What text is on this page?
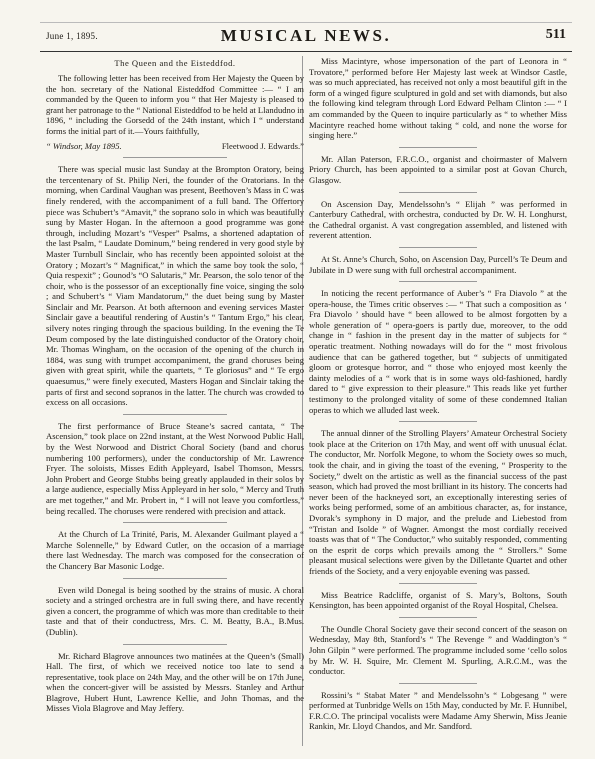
June 1, 1895.	MUSICAL NEWS.	511
The Queen and the Eisteddfod.

The following letter has been received from Her Majesty the Queen by the hon. secretary of the National Eisteddfod Committee :— “ I am commanded by the Queen to inform you “ that Her Majesty is pleased to grant her patronage to the “ National Eisteddfod to be held at Llandudno in 1896, “ including the Gorsedd of the 24th instant, which I “ understand forms the initial part of it.—Yours faithfully,

“ Windsor, May 1895.	Fleetwood J. Edwards.”

There was special music last Sunday at the Brompton Oratory, being the tercentenary of St. Philip Neri, the founder of the Oratorians. In the morning, when Cardinal Vaughan was present, Beethoven’s Mass in C was finely rendered, with the accompaniment of a full band. The Offertory piece was Schubert’s “Amavit,” the soprano solo in which was beautifully sung by Master Hogan. In the afternoon a good programme was gone through, including Mozart’s “Vesper” Psalms, a shortened adaptation of the last Psalm, “ Laudate Dominum,” being rendered in very good style by Master Turnbull Sinclair, who has recently been appointed soloist at the Oratory ; Mozart’s “ Magnificat,” in which the same boy took the solo, “ Quia respexit” ; Gounod’s “O Salutaris,” Mr. Pearson, the solo tenor of the choir, who is the possessor of an exceptionally fine voice, singing the solo ; and Schubert’s “ Viam Mandatorum,” the duet being sung by Master Sinclair and Mr. Pearson. At both afternoon and evening services Master Sinclair gave a beautiful rendering of Austin’s “ Tantum Ergo,” his clear, silvery notes ringing through the spacious building. In the evening the Te Deum composed by the late distinguished conductor of the Oratory choir, Mr. Thomas Wingham, on the occasion of the opening of the church in 1884, was sung with trumpet accompaniment, the grand choruses being given with great spirit, while the quartets, “ Te gloriosus” and “ Te ergo quaesumus,” were finely executed, Masters Hogan and Sinclair taking the parts of first and second sopranos in the latter. The church was crowded to excess on all occasions.

The first performance of Bruce Steane’s sacred cantata, “ The Ascension,” took place on 22nd instant, at the West Norwood Public Hall, by the West Norwood and District Choral Society (band and chorus numbering 100 performers), under the conductorship of Mr. Lawrence Fryer. The soloists, Misses Edith Appleyard, Isabel Thomson, Messrs. John Probert and George Stubbs being greatly applauded in their solos by a large audience, especially Miss Appleyard in her solo, “ Mercy and Truth are met together,” and Mr. Probert in, “ I will not leave you comfortless,” being recalled. The choruses were rendered with precision and attack.

At the Church of La Trinité, Paris, M. Alexander Guilmant played a “ Marche Solennelle,” by Edward Cutler, on the occasion of a marriage there last Wednesday. The march was composed for the consecration of the Chancery Bar Masonic Lodge.

Even wild Donegal is being soothed by the strains of music. A choral society and a stringed orchestra are in full swing there, and have recently given a concert, the programme of which was more than creditable to their taste and that of their conductress, Mrs. C. M. Beatty, B.A., B.Mus. (Dublin).

Mr. Richard Blagrove announces two matinées at the Queen’s (Small) Hall. The first, of which we received notice too late to send a representative, took place on 24th May, and the other will be on 17th June, when the concert-giver will be assisted by Messrs. Stanley and Arthur Blagrove, Hubert Hunt, Lawrence Kellie, and John Thomas, and the Misses Viola Blagrove and May Jeffery.

Miss Macintyre, whose impersonation of the part of Leonora in “ Trovatore,” performed before Her Majesty last week at Windsor Castle, was so much appreciated, has received not only a most beautiful gift in the form of a winged figure sculptured in gold and set with diamonds, but also the following kind telegram through Lord Edward Pelham Clinton :— “ I am commanded by the Queen to inquire particularly as “ to whether Miss Macintyre reached home without taking “ cold, and none the worse for singing here.”

Mr. Allan Paterson, F.R.C.O., organist and choirmaster of Malvern Priory Church, has been appointed to a similar post at Govan Church, Glasgow.

On Ascension Day, Mendelssohn’s “ Elijah ” was performed in Canterbury Cathedral, with orchestra, conducted by Dr. W. H. Longhurst, the Cathedral organist. A vast congregation assembled, and listened with reverent attention.

At St. Anne’s Church, Soho, on Ascension Day, Purcell’s Te Deum and Jubilate in D were sung with full orchestral accompaniment.

In noticing the recent performance of Auber’s “ Fra Diavolo ” at the opera-house, the Times critic observes :— “ That such a composition as ‘ Fra Diavolo ’ should have “ been allowed to be almost forgotten by a whole generation of “ opera-goers is partly due, moreover, to the odd change in “ fashion in the present day in the matter of subjects for “ operatic treatment. Nothing nowadays will do for the “ most frivolous audience that can be gathered together, but “ subjects of unmitigated gloom or grotesque horror, and “ those who enjoyed most keenly the dainty melodies of a “ work that is in some ways old-fashioned, hardly dared to “ give expression to their pleasure.” This reads like yet further testimony to the prolonged vitality of some of these condemned Italian operas to which we alluded last week.

The annual dinner of the Strolling Players’ Amateur Orchestral Society took place at the Criterion on 17th May, and went off with unusual éclat. The conductor, Mr. Norfolk Megone, to whom the Society owes so much, took the chair, and in giving the toast of the evening, “ Prosperity to the Society,” dwelt on the artistic as well as the financial success of the past season, which had proved the most brilliant in its history. The concerts had never been of the hackneyed sort, an exceptionally interesting series of works being performed, some of an ambitious character, as, for instance, Dvorak’s symphony in D major, and the prelude and Liebestod from “Tristan and Isolde ” of Wagner. Amongst the most cordially received toasts was that of “ The Conductor,” who suitably responded, commenting on the esprit de corps which prevails among the “ Strollers.” Some pleasant musical selections were given by the Dilletante Quartet and other friends of the Society, and a very enjoyable evening was passed.

Miss Beatrice Radcliffe, organist of S. Mary’s, Boltons, South Kensington, has been appointed organist of the Royal Hospital, Chelsea.

The Oundle Choral Society gave their second concert of the season on Wednesday, May 8th, Stanford’s “ The Revenge ” and Waddington’s “ John Gilpin ” were performed. The programme included some ‘cello solos by Mr. W. H. Squire, Mr. Clement M. Spurling, A.R.C.M., was the conductor.

Rossini’s “ Stabat Mater ” and Mendelssohn’s “ Lobgesang ” were performed at Tunbridge Wells on 15th May, conducted by Mr. F. Hunnibel, F.R.C.O. The principal vocalists were Madame Amy Sherwin, Miss Jeanie Rankin, Mr. Lloyd Chandos, and Mr. Sandford.
